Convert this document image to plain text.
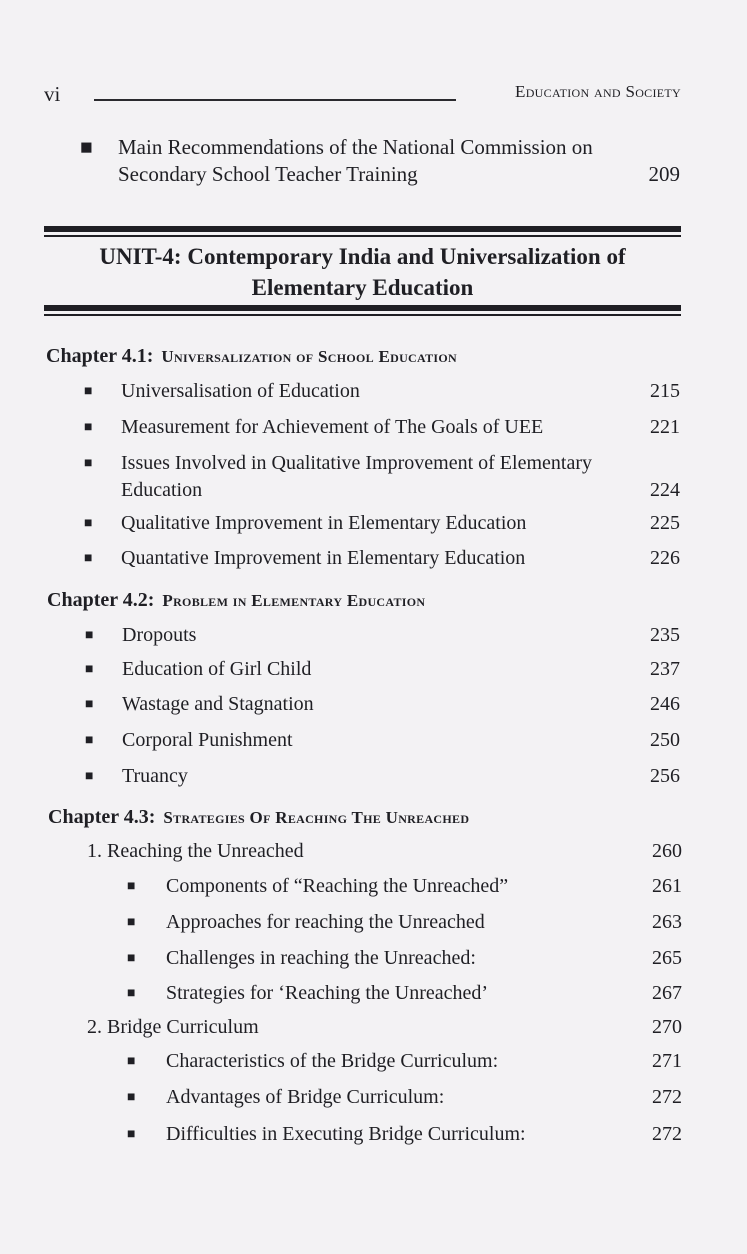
vi	Education and Society
■	Main Recommendations of the National Commission on Secondary School Teacher Training	209
UNIT-4: Contemporary India and Universalization of
Elementary Education
Chapter 4.1: Universalization of School Education
■ Universalisation of Education	215
■ Measurement for Achievement of The Goals of UEE	221
■ Issues Involved in Qualitative Improvement of Elementary Education	224
■ Qualitative Improvement in Elementary Education	225
■ Quantative Improvement in Elementary Education	226
Chapter 4.2: Problem in Elementary Education
■ Dropouts	235
■ Education of Girl Child	237
■ Wastage and Stagnation	246
■ Corporal Punishment	250
■ Truancy	256
Chapter 4.3: Strategies Of Reaching The Unreached
1. Reaching the Unreached	260
■ Components of “Reaching the Unreached”	261
■ Approaches for reaching the Unreached	263
■ Challenges in reaching the Unreached:	265
■ Strategies for ‘Reaching the Unreached’	267
2. Bridge Curriculum	270
■ Characteristics of the Bridge Curriculum:	271
■ Advantages of Bridge Curriculum:	272
■ Difficulties in Executing Bridge Curriculum:	272
